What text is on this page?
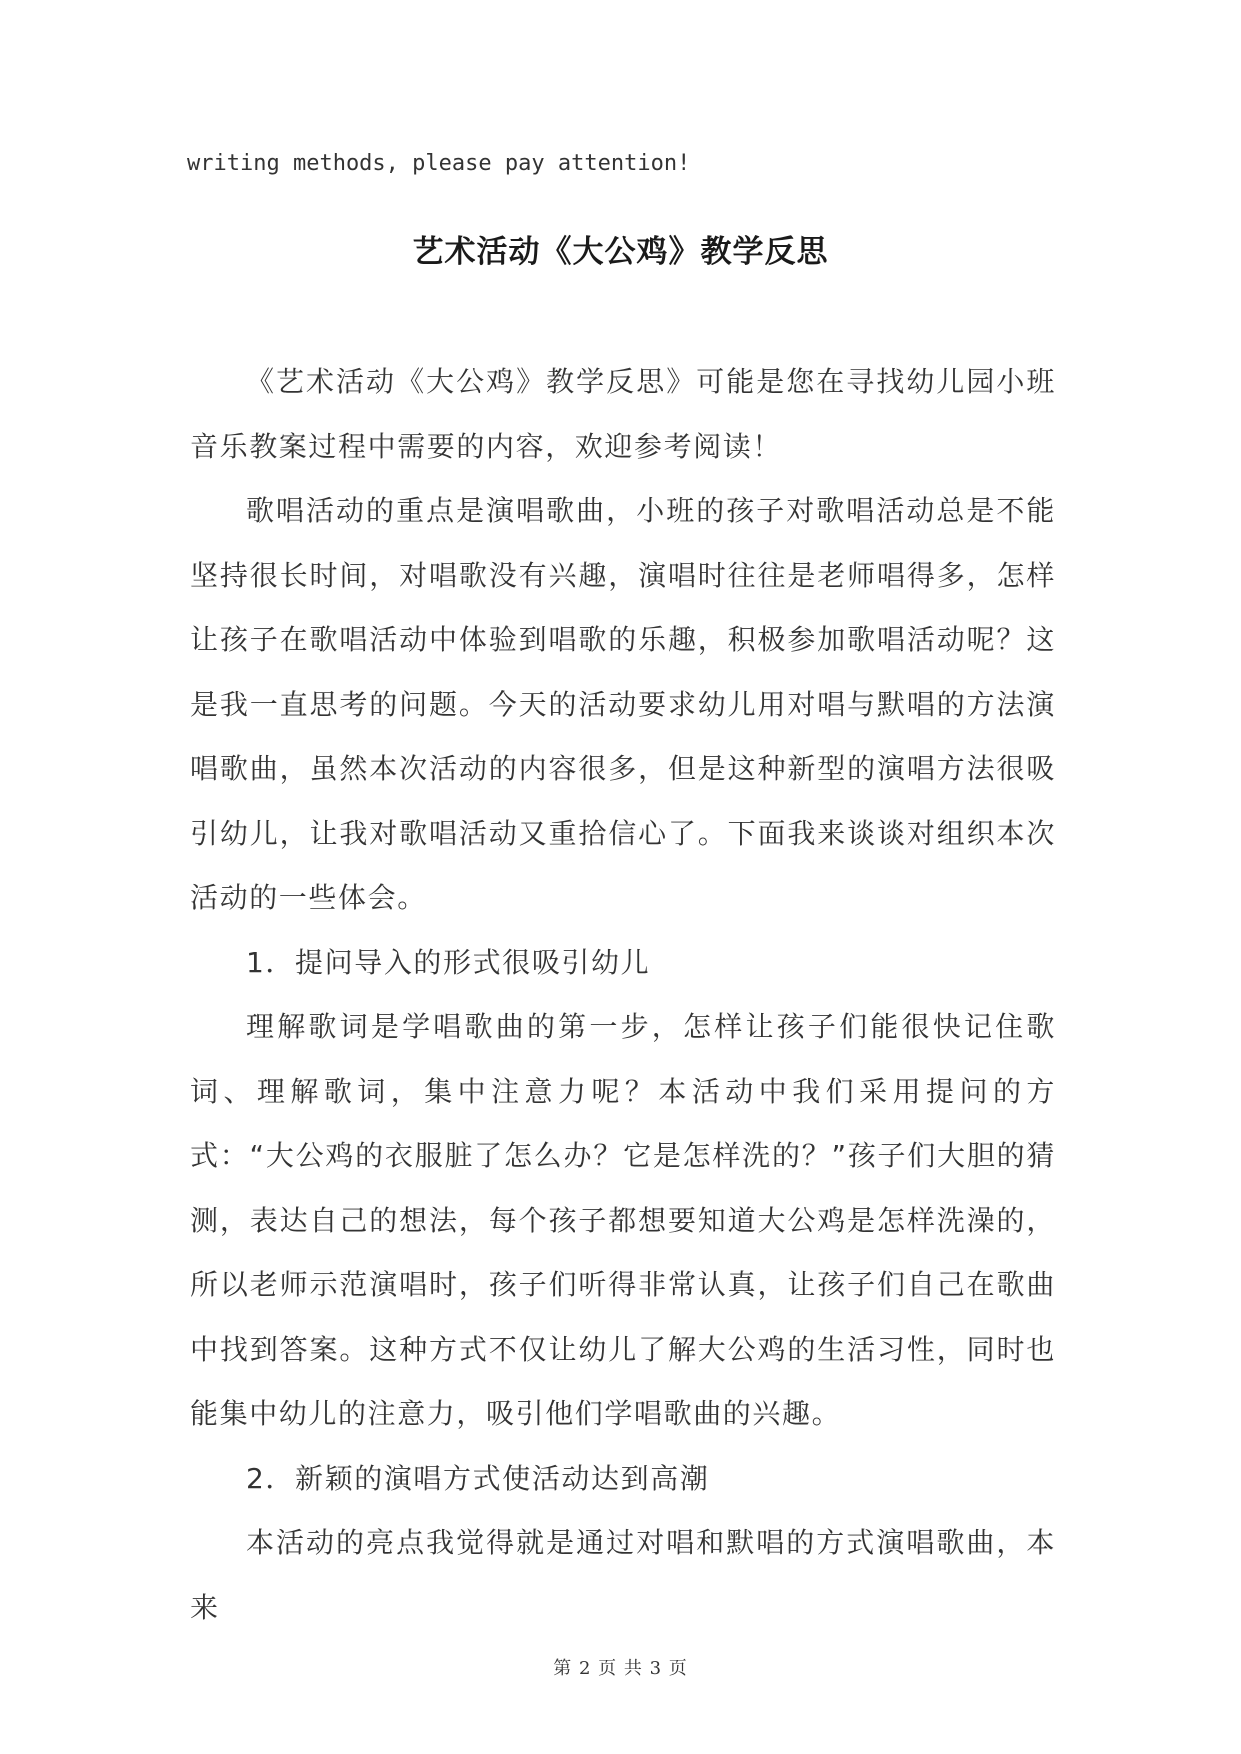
writing methods, please pay attention!
艺术活动《大公鸡》教学反思

《艺术活动《大公鸡》教学反思》可能是您在寻找幼儿园小班音乐教案过程中需要的内容，欢迎参考阅读！

歌唱活动的重点是演唱歌曲，小班的孩子对歌唱活动总是不能坚持很长时间，对唱歌没有兴趣，演唱时往往是老师唱得多，怎样让孩子在歌唱活动中体验到唱歌的乐趣，积极参加歌唱活动呢？这是我一直思考的问题。今天的活动要求幼儿用对唱与默唱的方法演唱歌曲，虽然本次活动的内容很多，但是这种新型的演唱方法很吸引幼儿，让我对歌唱活动又重拾信心了。下面我来谈谈对组织本次活动的一些体会。

1．提问导入的形式很吸引幼儿

理解歌词是学唱歌曲的第一步，怎样让孩子们能很快记住歌词、理解歌词，集中注意力呢？本活动中我们采用提问的方式：“大公鸡的衣服脏了怎么办？它是怎样洗的？”孩子们大胆的猜测，表达自己的想法，每个孩子都想要知道大公鸡是怎样洗澡的，所以老师示范演唱时，孩子们听得非常认真，让孩子们自己在歌曲中找到答案。这种方式不仅让幼儿了解大公鸡的生活习性，同时也能集中幼儿的注意力，吸引他们学唱歌曲的兴趣。

2．新颖的演唱方式使活动达到高潮

本活动的亮点我觉得就是通过对唱和默唱的方式演唱歌曲，本来

第 2 页 共 3 页
